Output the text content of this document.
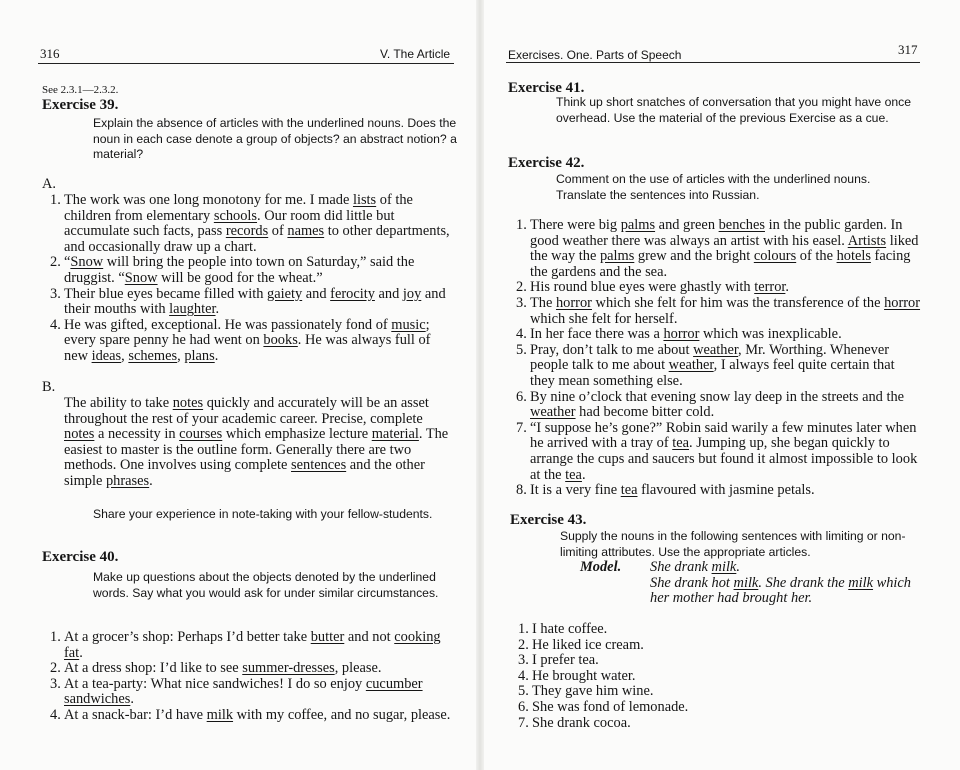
316	V. The Article
See 2.3.1—2.3.2.
Exercise 39.
Explain the absence of articles with the underlined nouns. Does the noun in each case denote a group of objects? an abstract notion? a material?
A.
1. The work was one long monotony for me. I made lists of the children from elementary schools. Our room did little but accumulate such facts, pass records of names to other departments, and occasionally draw up a chart.
2. “Snow will bring the people into town on Saturday,” said the druggist. “Snow will be good for the wheat.”
3. Their blue eyes became filled with gaiety and ferocity and joy and their mouths with laughter.
4. He was gifted, exceptional. He was passionately fond of music; every spare penny he had went on books. He was always full of new ideas, schemes, plans.
B.
The ability to take notes quickly and accurately will be an asset throughout the rest of your academic career. Precise, complete notes a necessity in courses which emphasize lecture material. The easiest to master is the outline form. Generally there are two methods. One involves using complete sentences and the other simple phrases.
Share your experience in note-taking with your fellow-students.
Exercise 40.
Make up questions about the objects denoted by the underlined words. Say what you would ask for under similar circumstances.
1. At a grocer’s shop: Perhaps I’d better take butter and not cooking fat.
2. At a dress shop: I’d like to see summer-dresses, please.
3. At a tea-party: What nice sandwiches! I do so enjoy cucumber sandwiches.
4. At a snack-bar: I’d have milk with my coffee, and no sugar, please.
Exercises. One. Parts of Speech	317
Exercise 41.
Think up short snatches of conversation that you might have once overhead. Use the material of the previous Exercise as a cue.
Exercise 42.
Comment on the use of articles with the underlined nouns. Translate the sentences into Russian.
1. There were big palms and green benches in the public garden. In good weather there was always an artist with his easel. Artists liked the way the palms grew and the bright colours of the hotels facing the gardens and the sea.
2. His round blue eyes were ghastly with terror.
3. The horror which she felt for him was the transference of the horror which she felt for herself.
4. In her face there was a horror which was inexplicable.
5. Pray, don’t talk to me about weather, Mr. Worthing. Whenever people talk to me about weather, I always feel quite certain that they mean something else.
6. By nine o’clock that evening snow lay deep in the streets and the weather had become bitter cold.
7. “I suppose he’s gone?” Robin said warily a few minutes later when he arrived with a tray of tea. Jumping up, she began quickly to arrange the cups and saucers but found it almost impossible to look at the tea.
8. It is a very fine tea flavoured with jasmine petals.
Exercise 43.
Supply the nouns in the following sentences with limiting or non-limiting attributes. Use the appropriate articles.
Model. She drank milk.
She drank hot milk. She drank the milk which her mother had brought her.
1. I hate coffee.
2. He liked ice cream.
3. I prefer tea.
4. He brought water.
5. They gave him wine.
6. She was fond of lemonade.
7. She drank cocoa.
